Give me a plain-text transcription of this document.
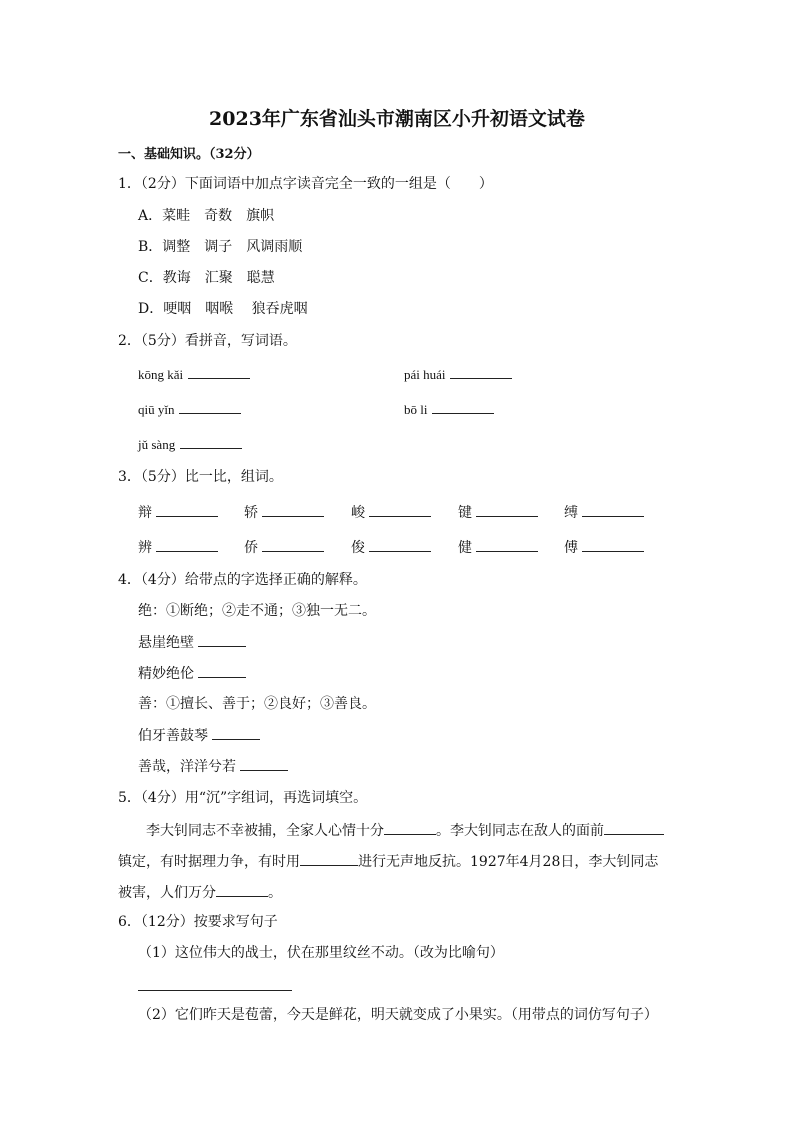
2023年广东省汕头市潮南区小升初语文试卷
一、基础知识。（32分）
1．（2分）下面词语中加点字读音完全一致的一组是（　　）
A．菜畦　奇数　旗帜
B．调整　调子　风调雨顺
C．教诲　汇聚　聪慧
D．哽咽　咽喉　 狼吞虎咽
2．（5分）看拼音，写词语。
kōng kǎi	pái huái
qiū yǐn	bō li
jǔ sàng
3．（5分）比一比，组词。
辩	轿	峻	键	缚
辨	侨	俊	健	傅
4．（4分）给带点的字选择正确的解释。
绝：①断绝；②走不通；③独一无二。
悬崖绝壁
精妙绝伦
善：①擅长、善于；②良好；③善良。
伯牙善鼓琴
善哉，洋洋兮若
5．（4分）用“沉”字组词，再选词填空。

李大钊同志不幸被捕，全家人心情十分	。李大钊同志在敌人的面前

镇定，有时据理力争，有时用	进行无声地反抗。1927年4月28日，李大钊同志

被害，人们万分	。

6．（12分）按要求写句子
（1）这位伟大的战士，伏在那里纹丝不动。（改为比喻句）
（2）它们昨天是苞蕾，今天是鲜花，明天就变成了小果实。（用带点的词仿写句子）
